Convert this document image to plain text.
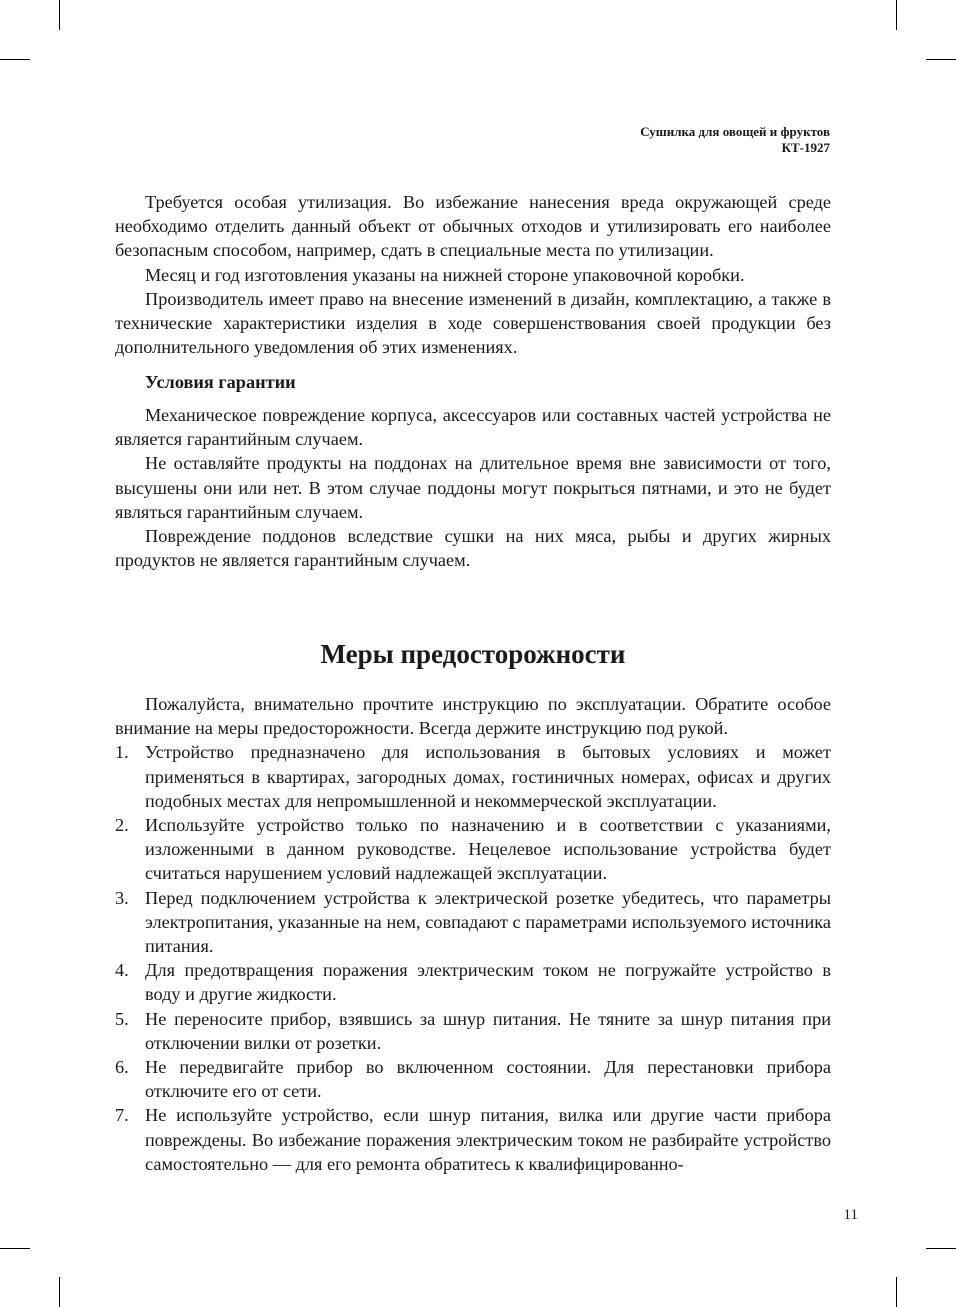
Сушилка для овощей и фруктов
КТ-1927

Требуется особая утилизация. Во избежание нанесения вреда окружающей среде необходимо отделить данный объект от обычных отходов и утилизировать его наиболее безопасным способом, например, сдать в специальные места по утилизации.

Месяц и год изготовления указаны на нижней стороне упаковочной коробки.

Производитель имеет право на внесение изменений в дизайн, комплектацию, а также в технические характеристики изделия в ходе совершенствования своей продукции без дополнительного уведомления об этих изменениях.

Условия гарантии

Механическое повреждение корпуса, аксессуаров или составных частей устройства не является гарантийным случаем.

Не оставляйте продукты на поддонах на длительное время вне зависимости от того, высушены они или нет. В этом случае поддоны могут покрыться пятнами, и это не будет являться гарантийным случаем.

Повреждение поддонов вследствие сушки на них мяса, рыбы и других жирных продуктов не является гарантийным случаем.

Меры предосторожности

Пожалуйста, внимательно прочтите инструкцию по эксплуатации. Обратите особое внимание на меры предосторожности. Всегда держите инструкцию под рукой.

1. Устройство предназначено для использования в бытовых условиях и может применяться в квартирах, загородных домах, гостиничных номерах, офисах и других подобных местах для непромышленной и некоммерческой эксплуатации.
2. Используйте устройство только по назначению и в соответствии с указаниями, изложенными в данном руководстве. Нецелевое использование устройства будет считаться нарушением условий надлежащей эксплуатации.
3. Перед подключением устройства к электрической розетке убедитесь, что параметры электропитания, указанные на нем, совпадают с параметрами используемого источника питания.
4. Для предотвращения поражения электрическим током не погружайте устройство в воду и другие жидкости.
5. Не переносите прибор, взявшись за шнур питания. Не тяните за шнур питания при отключении вилки от розетки.
6. Не передвигайте прибор во включенном состоянии. Для перестановки прибора отключите его от сети.
7. Не используйте устройство, если шнур питания, вилка или другие части прибора повреждены. Во избежание поражения электрическим током не разбирайте устройство самостоятельно — для его ремонта обратитесь к квалифицированно-
11
